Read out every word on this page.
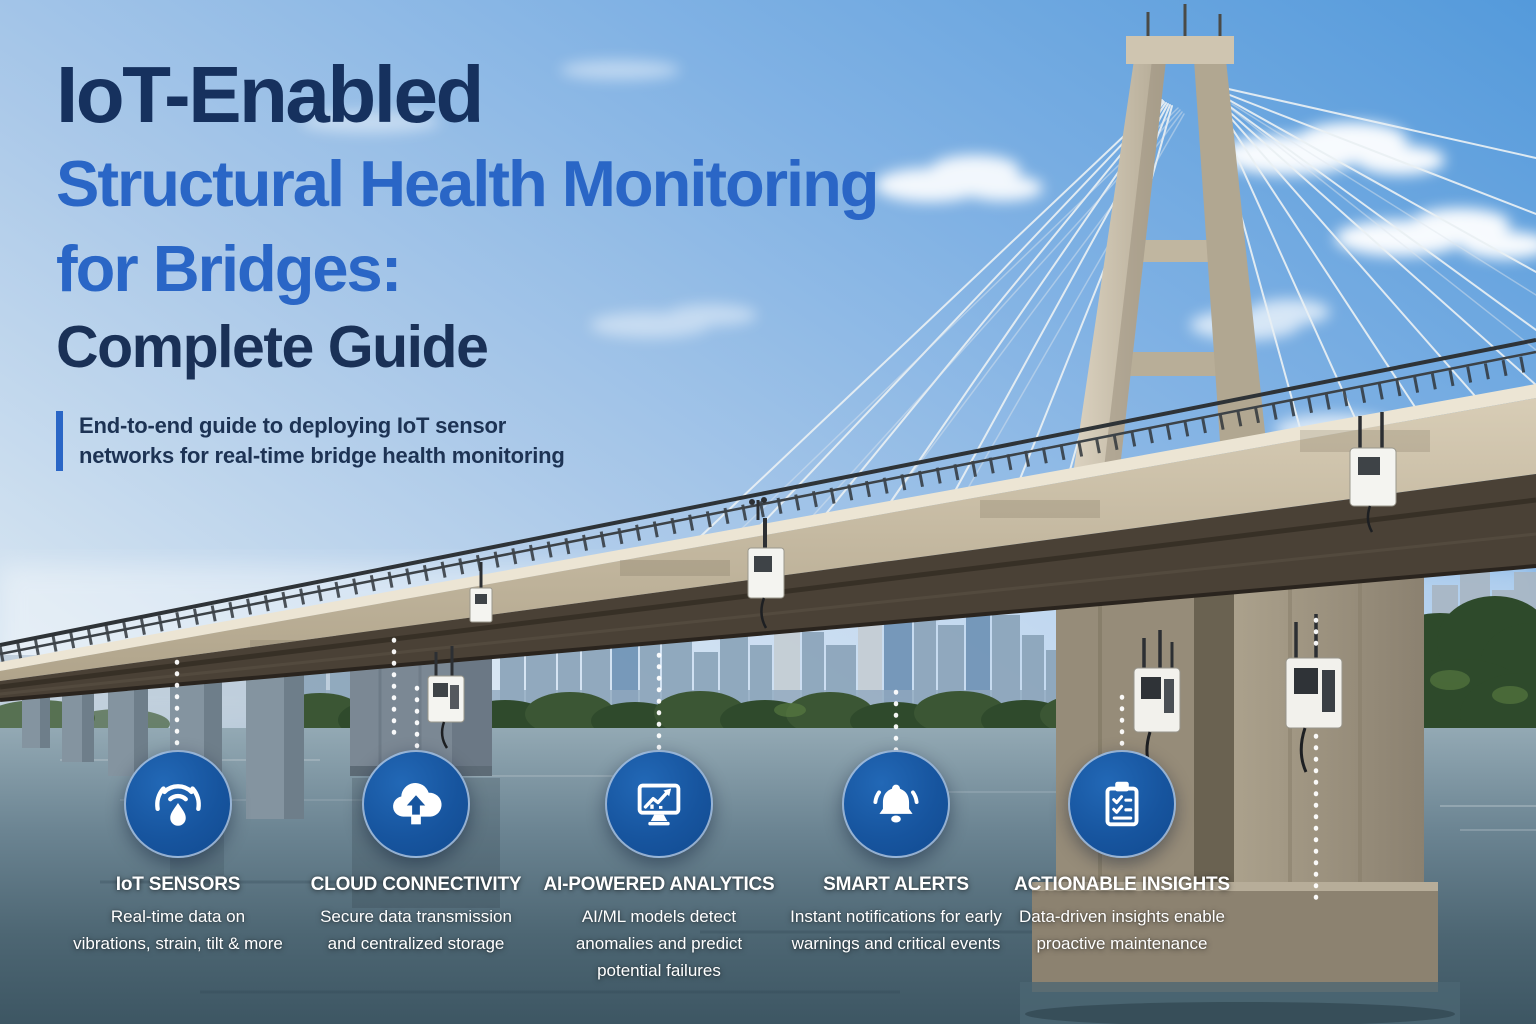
IoT-Enabled
Structural Health Monitoring
for Bridges:
Complete Guide
End-to-end guide to deploying IoT sensor
networks for real-time bridge health monitoring
IoT SENSORS
Real-time data on vibrations, strain, tilt & more
CLOUD CONNECTIVITY
Secure data transmission and centralized storage
AI-POWERED ANALYTICS
AI/ML models detect anomalies and predict potential failures
SMART ALERTS
Instant notifications for early warnings and critical events
ACTIONABLE INSIGHTS
Data-driven insights enable proactive maintenance
